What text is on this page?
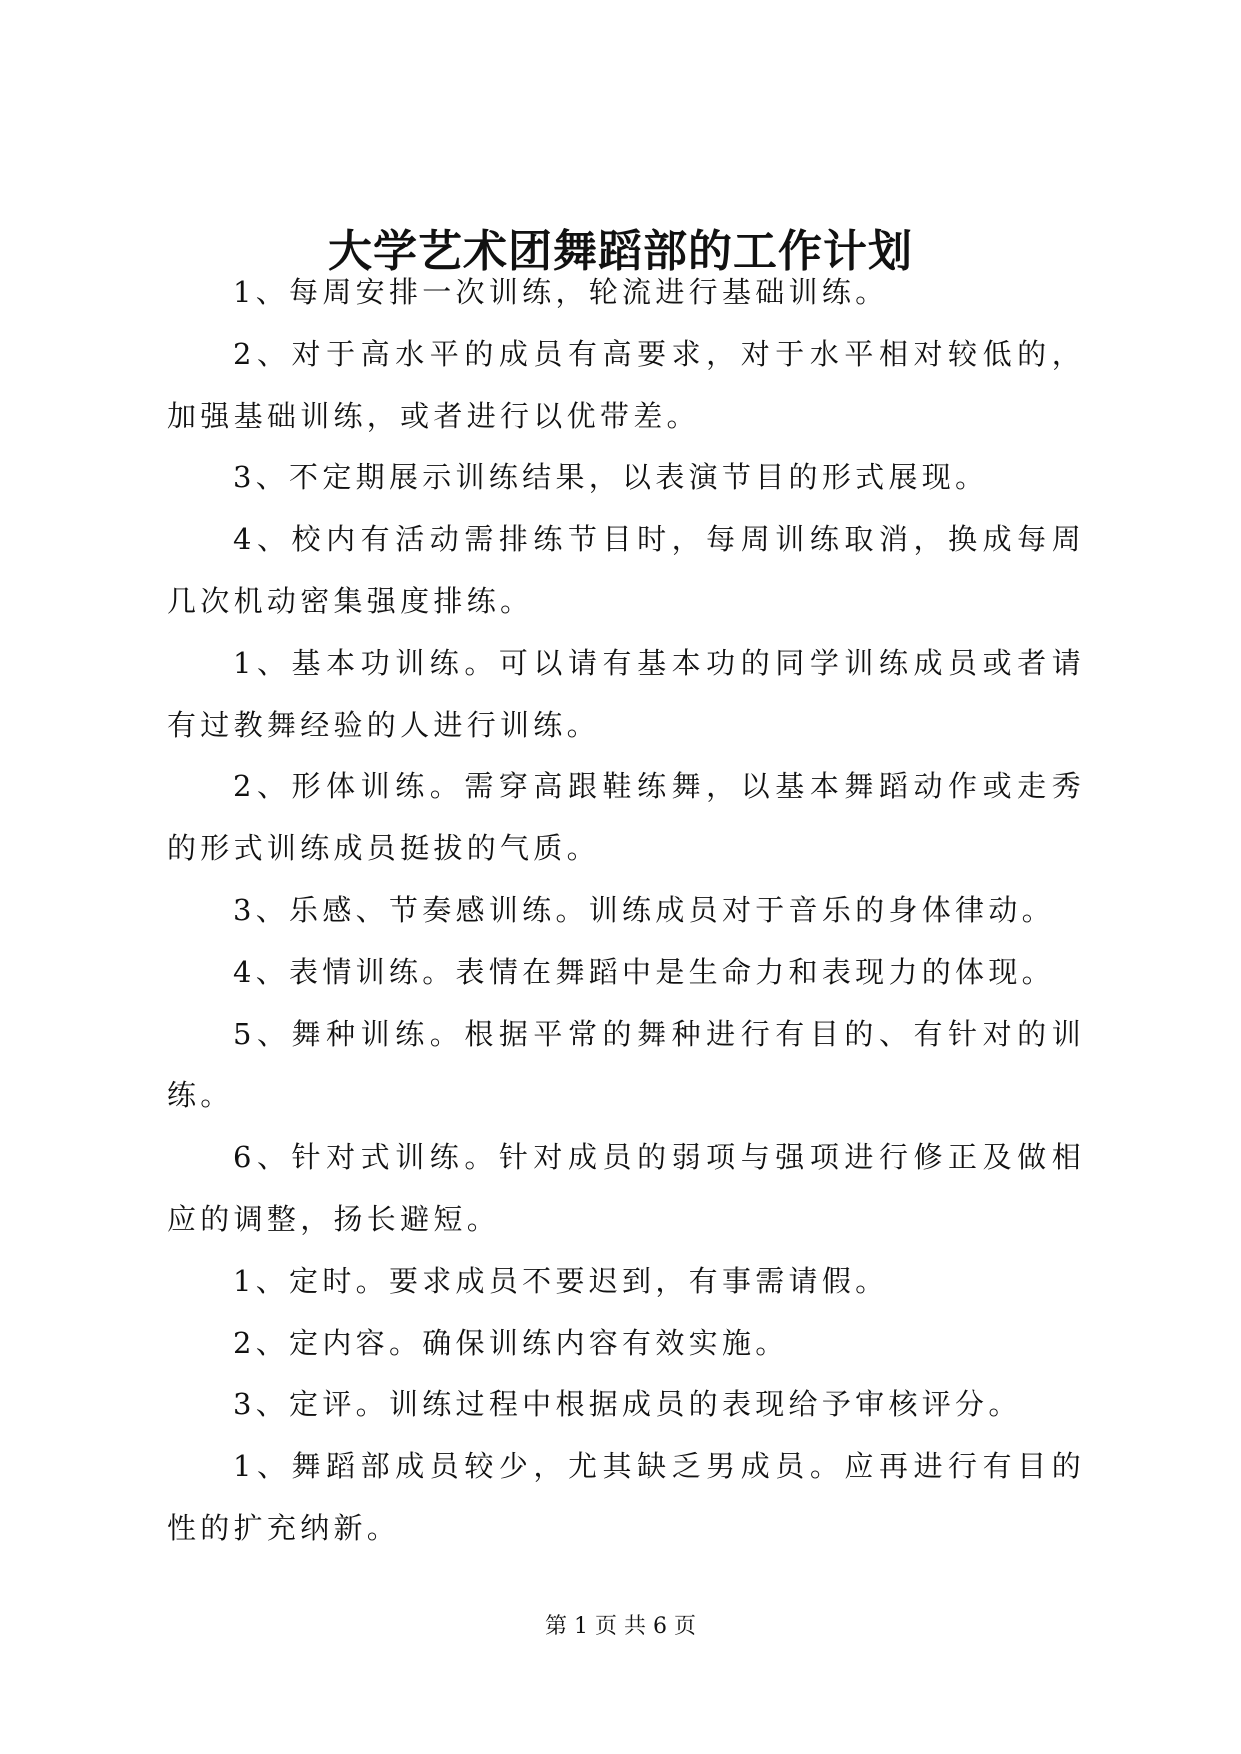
大学艺术团舞蹈部的工作计划

1、每周安排一次训练，轮流进行基础训练。

2、对于高水平的成员有高要求，对于水平相对较低的，加强基础训练，或者进行以优带差。

3、不定期展示训练结果，以表演节目的形式展现。

4、校内有活动需排练节目时，每周训练取消，换成每周几次机动密集强度排练。

1、基本功训练。可以请有基本功的同学训练成员或者请有过教舞经验的人进行训练。

2、形体训练。需穿高跟鞋练舞，以基本舞蹈动作或走秀的形式训练成员挺拔的气质。

3、乐感、节奏感训练。训练成员对于音乐的身体律动。

4、表情训练。表情在舞蹈中是生命力和表现力的体现。

5、舞种训练。根据平常的舞种进行有目的、有针对的训练。

6、针对式训练。针对成员的弱项与强项进行修正及做相应的调整，扬长避短。

1、定时。要求成员不要迟到，有事需请假。

2、定内容。确保训练内容有效实施。

3、定评。训练过程中根据成员的表现给予审核评分。

1、舞蹈部成员较少，尤其缺乏男成员。应再进行有目的性的扩充纳新。

第 1 页 共 6 页
